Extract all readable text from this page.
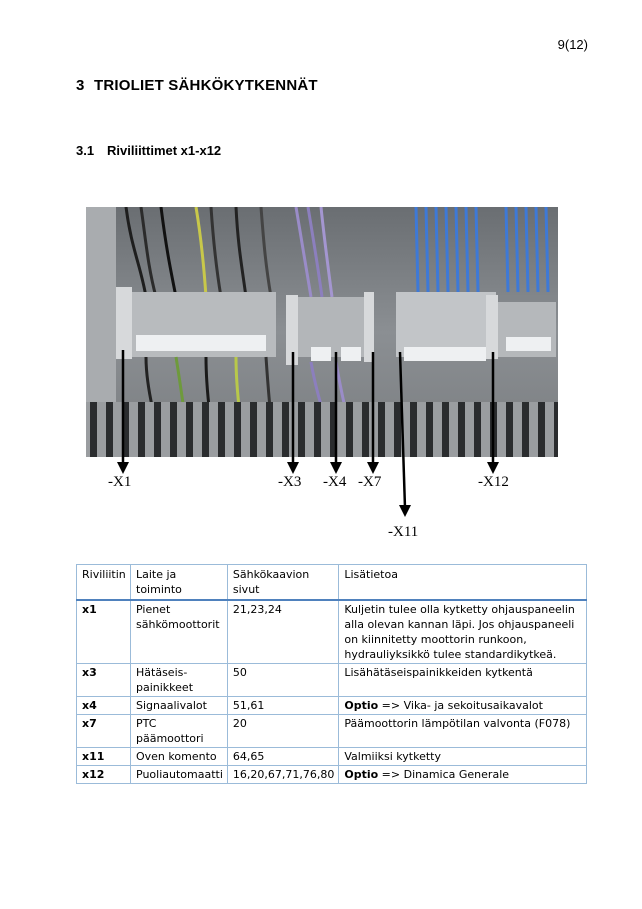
9(12)
3 TRIOLIET SÄHKÖKYTKENNÄT
3.1 Riviliittimet x1-x12
-X1	-X3 -X4 -X7
-X11
-X12
Riviliitin	Laite ja toiminto	Sähkökaavion sivut	Lisätietoa
x1	Pienet sähkömoottorit	21,23,24	Kuljetin tulee olla kytketty ohjauspaneelin alla olevan kannan läpi. Jos ohjauspaneeli on kiinnitetty moottorin runkoon, hydrauliyksikkö tulee standardikytkeä.
x3	Hätäseis-painikkeet	50	Lisähätäseispainikkeiden kytkentä
x4	Signaalivalot	51,61	Optio => Vika- ja sekoitusaikavalot
x7	PTC päämoottori	20	Päämoottorin lämpötilan valvonta (F078)
x11	Oven komento	64,65	Valmiiksi kytketty
x12	Puoliautomaatti	16,20,67,71,76,80	Optio => Dinamica Generale
